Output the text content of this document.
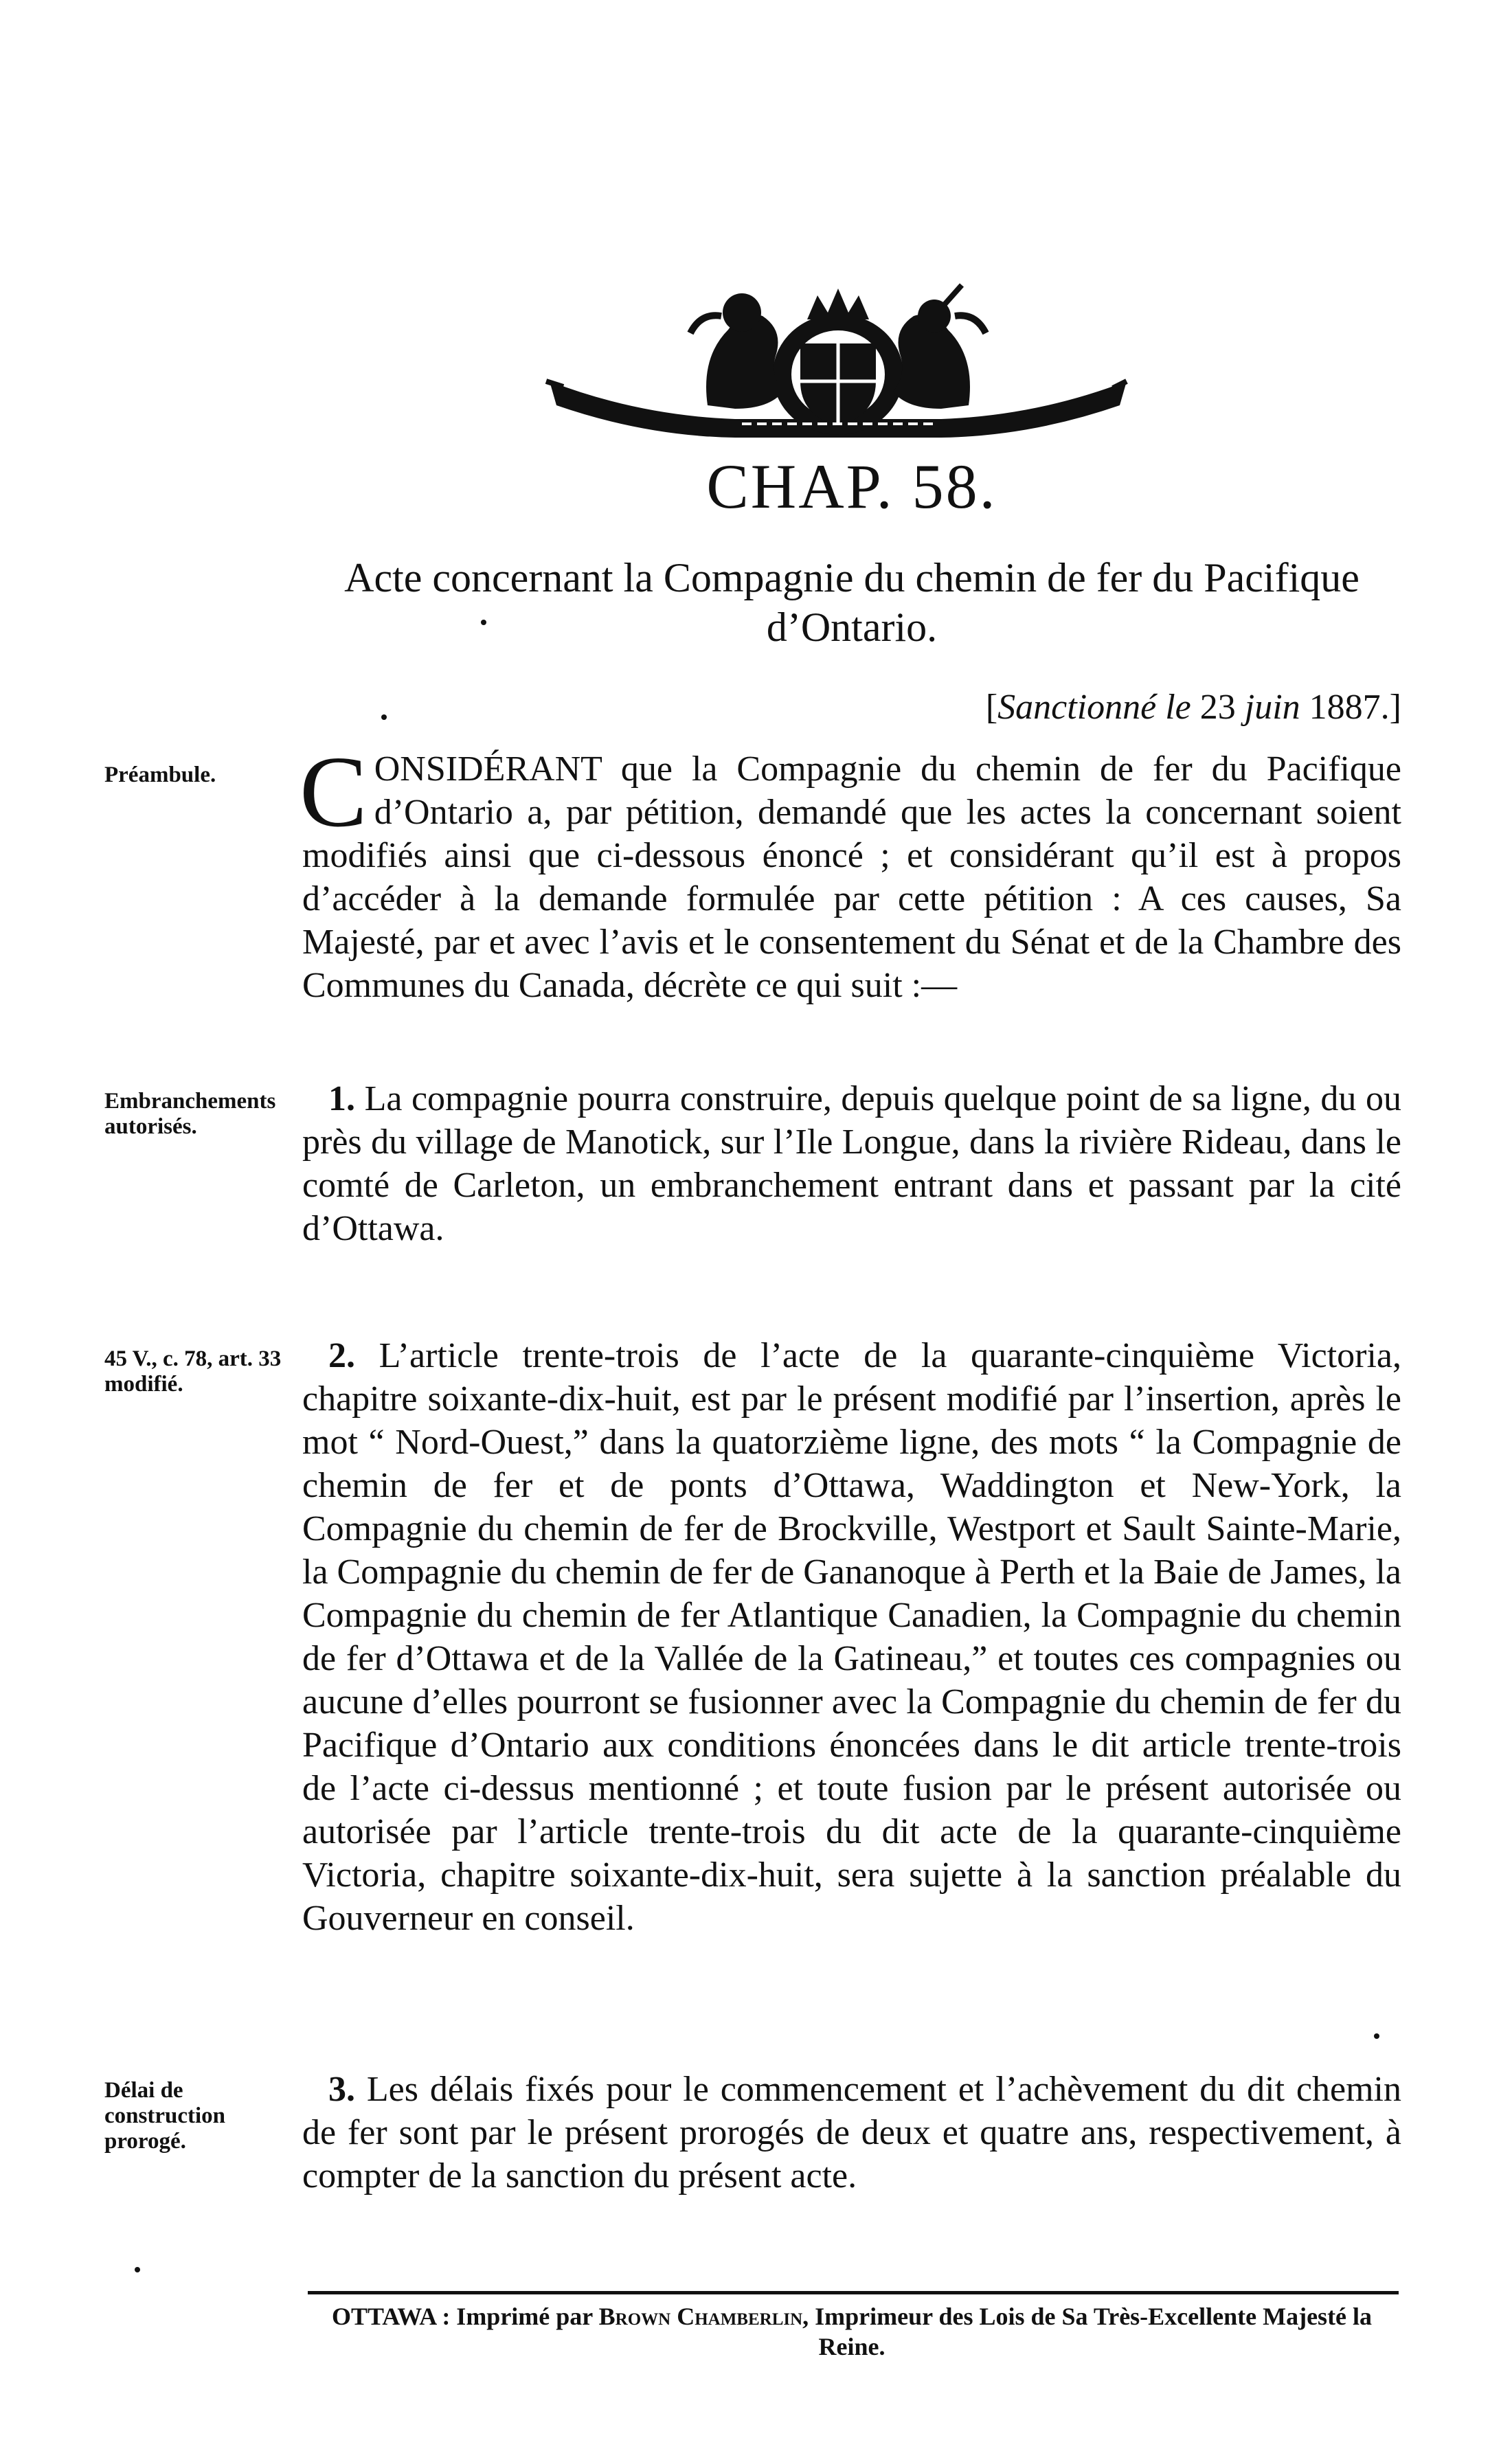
CHAP. 58.
Acte concernant la Compagnie du chemin de fer du Pacifique d’Ontario.
[Sanctionné le 23 juin 1887.]
Préambule. CONSIDÉRANT que la Compagnie du chemin de fer du Pacifique d’Ontario a, par pétition, demandé que les actes la concernant soient modifiés ainsi que ci-dessous énoncé ; et considérant qu’il est à propos d’accéder à la demande formulée par cette pétition : A ces causes, Sa Majesté, par et avec l’avis et le consentement du Sénat et de la Chambre des Communes du Canada, décrète ce qui suit :—
Embranchements autorisés.
1. La compagnie pourra construire, depuis quelque point de sa ligne, du ou près du village de Manotick, sur l’Ile Longue, dans la rivière Rideau, dans le comté de Carleton, un embranchement entrant dans et passant par la cité d’Ottawa.
45 V., c. 78, art. 33 modifié.
2. L’article trente-trois de l’acte de la quarante-cinquième Victoria, chapitre soixante-dix-huit, est par le présent modifié par l’insertion, après le mot “ Nord-Ouest,” dans la quatorzième ligne, des mots “ la Compagnie de chemin de fer et de ponts d’Ottawa, Waddington et New-York, la Compagnie du chemin de fer de Brockville, Westport et Sault Sainte-Marie, la Compagnie du chemin de fer de Gananoque à Perth et la Baie de James, la Compagnie du chemin de fer Atlantique Canadien, la Compagnie du chemin de fer d’Ottawa et de la Vallée de la Gatineau,” et toutes ces compagnies ou aucune d’elles pourront se fusionner avec la Compagnie du chemin de fer du Pacifique d’Ontario aux conditions énoncées dans le dit article trente-trois de l’acte ci-dessus mentionné ; et toute fusion par le présent autorisée ou autorisée par l’article trente-trois du dit acte de la quarante-cinquième Victoria, chapitre soixante-dix-huit, sera sujette à la sanction préalable du Gouverneur en conseil.
Délai de construction prorogé.
3. Les délais fixés pour le commencement et l’achèvement du dit chemin de fer sont par le présent prorogés de deux et quatre ans, respectivement, à compter de la sanction du présent acte.
OTTAWA : Imprimé par Brown Chamberlin, Imprimeur des Lois de Sa Très-Excellente Majesté la Reine.
